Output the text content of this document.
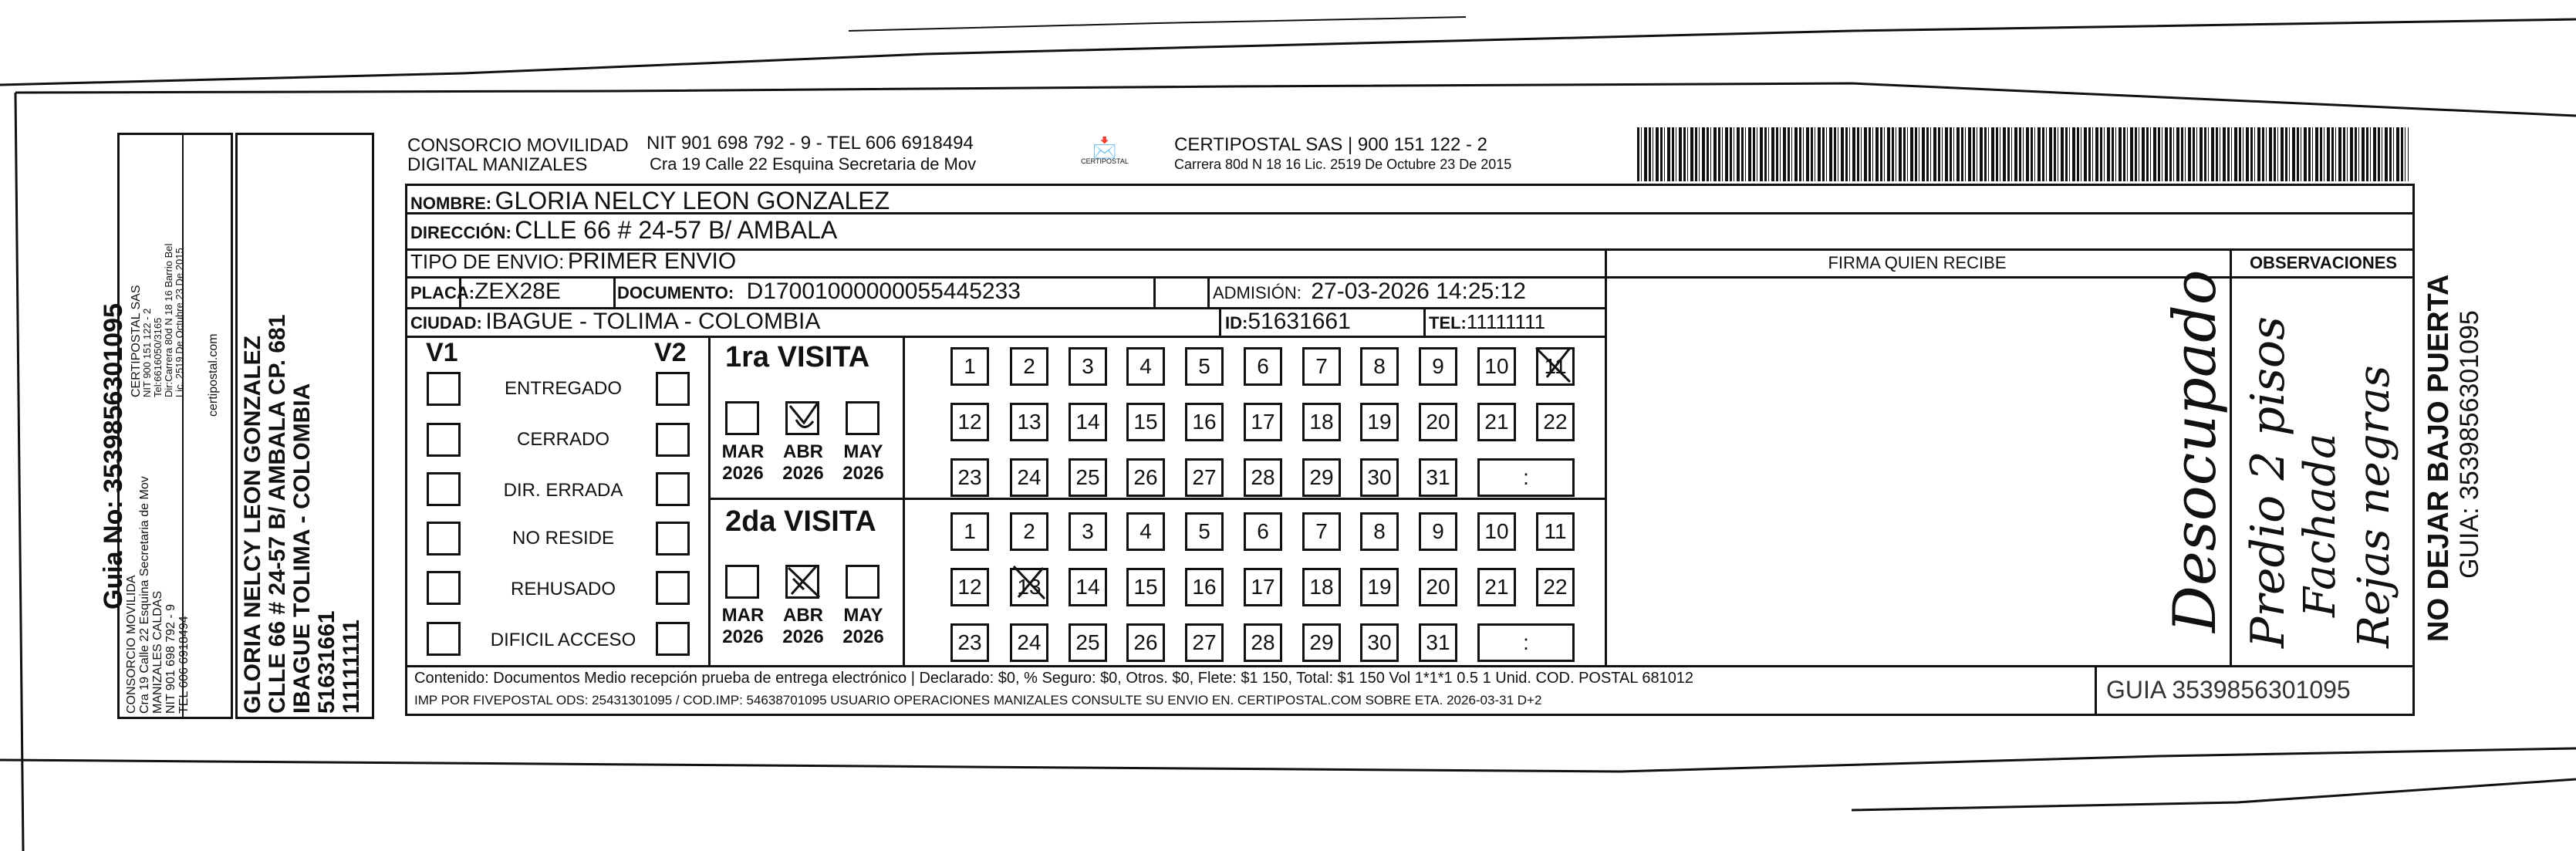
Guia No: 3539856301095
CONSORCIO MOVILIDA Cra 19 Calle 22 Esquina Secretaria de Mov MANIZALES CALDAS NIT 901 698 792 - 9 TEL 606 6918494
CERTIPOSTAL SAS
NIT 900 151 122 - 2 Tel:6616050/3165 Dir:Carrera 80d N 18 16 Barrio Bel Lic. 2519 De Octubre 23 De 2015 certipostal.com GLORIA NELCY LEON GONZALEZ CLLE 66 # 24-57 B/ AMBALA CP. 681 IBAGUE TOLIMA - COLOMBIA 51631661 11111111
CONSORCIO MOVILIDAD
DIGITAL MANIZALES
NIT 901 698 792 - 9 - TEL 606 6918494
Cra 19 Calle 22 Esquina Secretaria de Mov
📩
CERTIPOSTAL
CERTIPOSTAL SAS | 900 151 122 - 2
Carrera 80d N 18 16 Lic. 2519 De Octubre 23 De 2015
NOMBRE: GLORIA NELCY LEON GONZALEZ
DIRECCIÓN: CLLE 66 # 24-57 B/ AMBALA
TIPO DE ENVIO: PRIMER ENVIO
PLACA:ZEX28E	DOCUMENTO: D17001000000055445233	ADMISIÓN: 27-03-2026 14:25:12
CIUDAD: IBAGUE - TOLIMA - COLOMBIA	ID:51631661	TEL:11111111
FIRMA QUIEN RECIBE	OBSERVACIONES
V1	V2
ENTREGADO
CERRADO
DIR. ERRADA
NO RESIDE
REHUSADO
DIFICIL ACCESO
1ra VISITA
2da VISITA
MAR
2026
ABR
2026
MAY
2026
MAR
2026
ABR
2026
MAY
2026
1	2	3	4	5	6	7	8	9	10	11
12	13	14	15	16	17	18	19	20	21	22
23	24	25	26	27	28	29	30	31	:
1	2	3	4	5	6	7	8	9	10	11
12	13	14	15	16	17	18	19	20	21	22
23	24	25	26	27	28	29	30	31	:
Desocupado Predio 2 pisos Fachada Rejas negras
Contenido: Documentos Medio recepción prueba de entrega electrónico | Declarado: $0, % Seguro: $0, Otros. $0, Flete: $1 150, Total: $1 150 Vol 1*1*1 0.5 1 Unid. COD. POSTAL 681012
IMP POR FIVEPOSTAL ODS: 25431301095 / COD.IMP: 54638701095 USUARIO OPERACIONES MANIZALES CONSULTE SU ENVIO EN. CERTIPOSTAL.COM SOBRE ETA. 2026-03-31 D+2	GUIA 3539856301095
NO DEJAR BAJO PUERTA GUIA: 3539856301095
